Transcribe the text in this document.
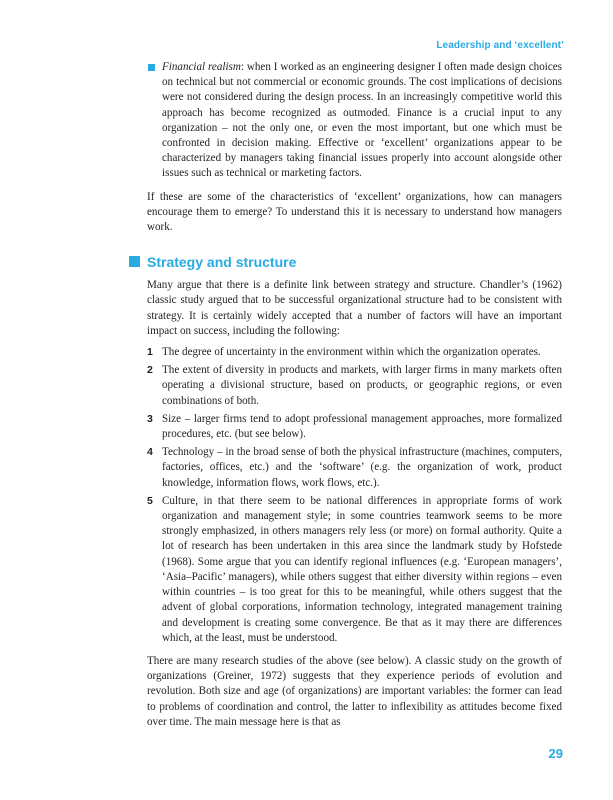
Leadership and ‘excellent’
Financial realism: when I worked as an engineering designer I often made design choices on technical but not commercial or economic grounds. The cost implications of decisions were not considered during the design process. In an increasingly competitive world this approach has become recognized as outmoded. Finance is a crucial input to any organization – not the only one, or even the most important, but one which must be confronted in decision making. Effective or ‘excellent’ organizations appear to be characterized by managers taking financial issues properly into account alongside other issues such as technical or marketing factors.

If these are some of the characteristics of ‘excellent’ organizations, how can managers encourage them to emerge? To understand this it is necessary to understand how managers work.

Strategy and structure

Many argue that there is a definite link between strategy and structure. Chandler’s (1962) classic study argued that to be successful organizational structure had to be consistent with strategy. It is certainly widely accepted that a number of factors will have an important impact on success, including the following:

1 The degree of uncertainty in the environment within which the organization operates.
2 The extent of diversity in products and markets, with larger firms in many markets often operating a divisional structure, based on products, or geographic regions, or even combinations of both.
3 Size – larger firms tend to adopt professional management approaches, more formalized procedures, etc. (but see below).
4 Technology – in the broad sense of both the physical infrastructure (machines, computers, factories, offices, etc.) and the ‘software’ (e.g. the organization of work, product knowledge, information flows, work flows, etc.).
5 Culture, in that there seem to be national differences in appropriate forms of work organization and management style; in some countries teamwork seems to be more strongly emphasized, in others managers rely less (or more) on formal authority. Quite a lot of research has been undertaken in this area since the landmark study by Hofstede (1968). Some argue that you can identify regional influences (e.g. ‘European managers’, ‘Asia–Pacific’ managers), while others suggest that either diversity within regions – even within countries – is too great for this to be meaningful, while others suggest that the advent of global corporations, information technology, integrated management training and development is creating some convergence. Be that as it may there are differences which, at the least, must be understood.

There are many research studies of the above (see below). A classic study on the growth of organizations (Greiner, 1972) suggests that they experience periods of evolution and revolution. Both size and age (of organizations) are important variables: the former can lead to problems of coordination and control, the latter to inflexibility as attitudes become fixed over time. The main message here is that as

29
